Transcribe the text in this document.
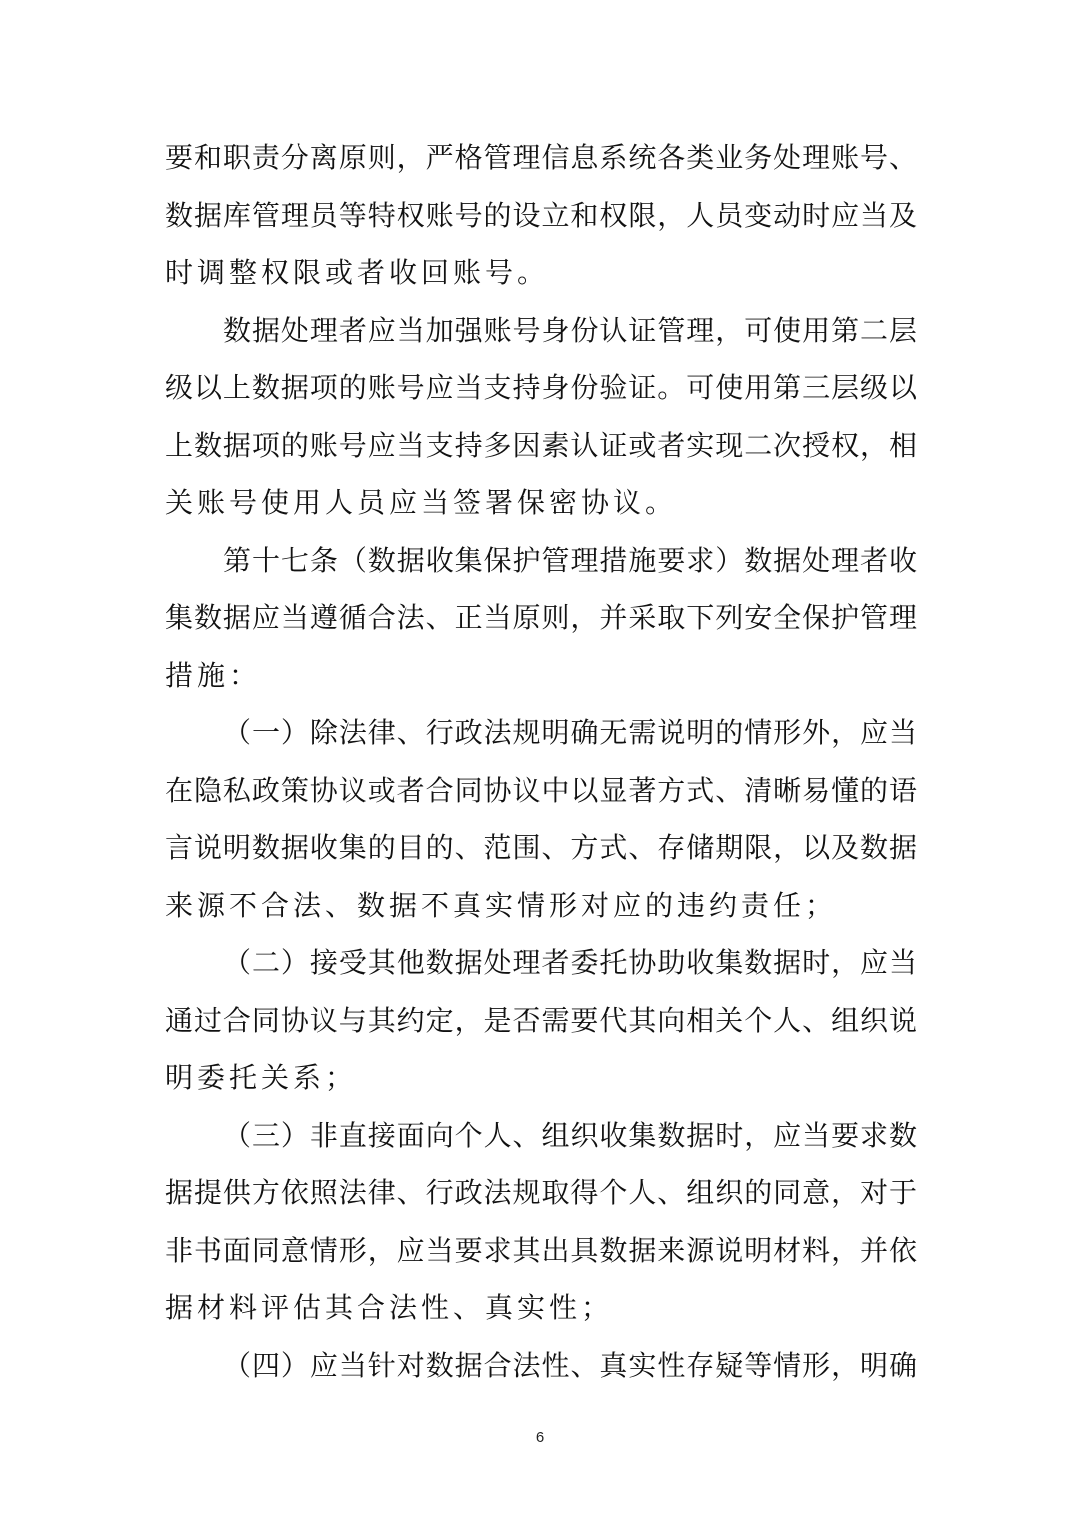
要和职责分离原则，严格管理信息系统各类业务处理账号、
数据库管理员等特权账号的设立和权限，人员变动时应当及
时调整权限或者收回账号。
数据处理者应当加强账号身份认证管理，可使用第二层
级以上数据项的账号应当支持身份验证。可使用第三层级以
上数据项的账号应当支持多因素认证或者实现二次授权，相
关账号使用人员应当签署保密协议。
第十七条（数据收集保护管理措施要求）数据处理者收
集数据应当遵循合法、正当原则，并采取下列安全保护管理
措施：
（一）除法律、行政法规明确无需说明的情形外，应当
在隐私政策协议或者合同协议中以显著方式、清晰易懂的语
言说明数据收集的目的、范围、方式、存储期限，以及数据
来源不合法、数据不真实情形对应的违约责任；
（二）接受其他数据处理者委托协助收集数据时，应当
通过合同协议与其约定，是否需要代其向相关个人、组织说
明委托关系；
（三）非直接面向个人、组织收集数据时，应当要求数
据提供方依照法律、行政法规取得个人、组织的同意，对于
非书面同意情形，应当要求其出具数据来源说明材料，并依
据材料评估其合法性、真实性；
（四）应当针对数据合法性、真实性存疑等情形，明确
6
